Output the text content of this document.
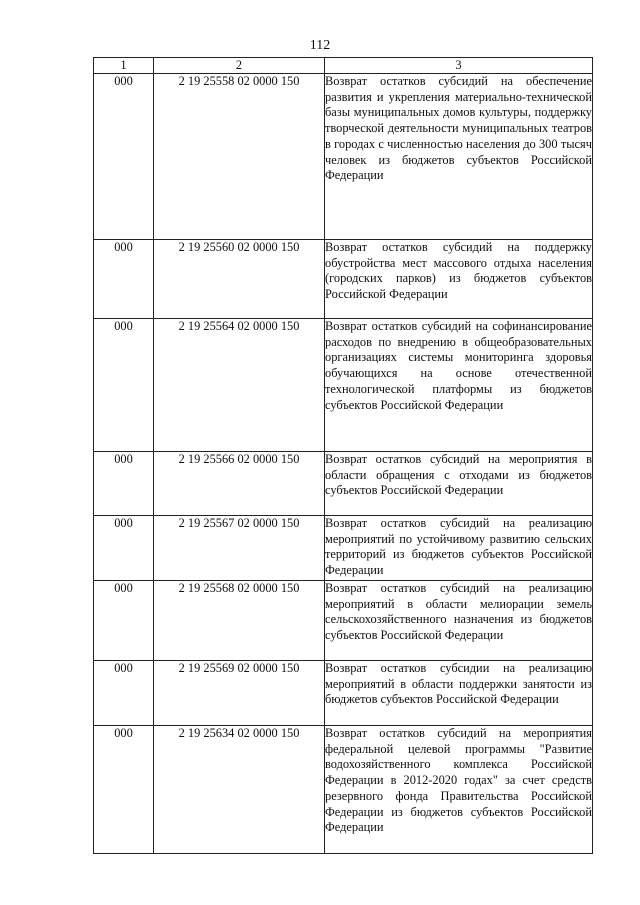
112
1	2	3
000	2 19 25558 02 0000 150	Возврат остатков субсидий на обеспечение развития и укрепления материально-технической базы муниципальных домов культуры, поддержку творческой деятельности муниципальных театров в городах с численностью населения до 300 тысяч человек из бюджетов субъектов Российской Федерации
000	2 19 25560 02 0000 150	Возврат остатков субсидий на поддержку обустройства мест массового отдыха населения (городских парков) из бюджетов субъектов Российской Федерации
000	2 19 25564 02 0000 150	Возврат остатков субсидий на софинансирование расходов по внедрению в общеобразовательных организациях системы мониторинга здоровья обучающихся на основе отечественной технологической платформы из бюджетов субъектов Российской Федерации
000	2 19 25566 02 0000 150	Возврат остатков субсидий на мероприятия в области обращения с отходами из бюджетов субъектов Российской Федерации
000	2 19 25567 02 0000 150	Возврат остатков субсидий на реализацию мероприятий по устойчивому развитию сельских территорий из бюджетов субъектов Российской Федерации
000	2 19 25568 02 0000 150	Возврат остатков субсидий на реализацию мероприятий в области мелиорации земель сельскохозяйственного назначения из бюджетов субъектов Российской Федерации
000	2 19 25569 02 0000 150	Возврат остатков субсидии на реализацию мероприятий в области поддержки занятости из бюджетов субъектов Российской Федерации
000	2 19 25634 02 0000 150	Возврат остатков субсидий на мероприятия федеральной целевой программы "Развитие водохозяйственного комплекса Российской Федерации в 2012-2020 годах" за счет средств резервного фонда Правительства Российской Федерации из бюджетов субъектов Российской Федерации
